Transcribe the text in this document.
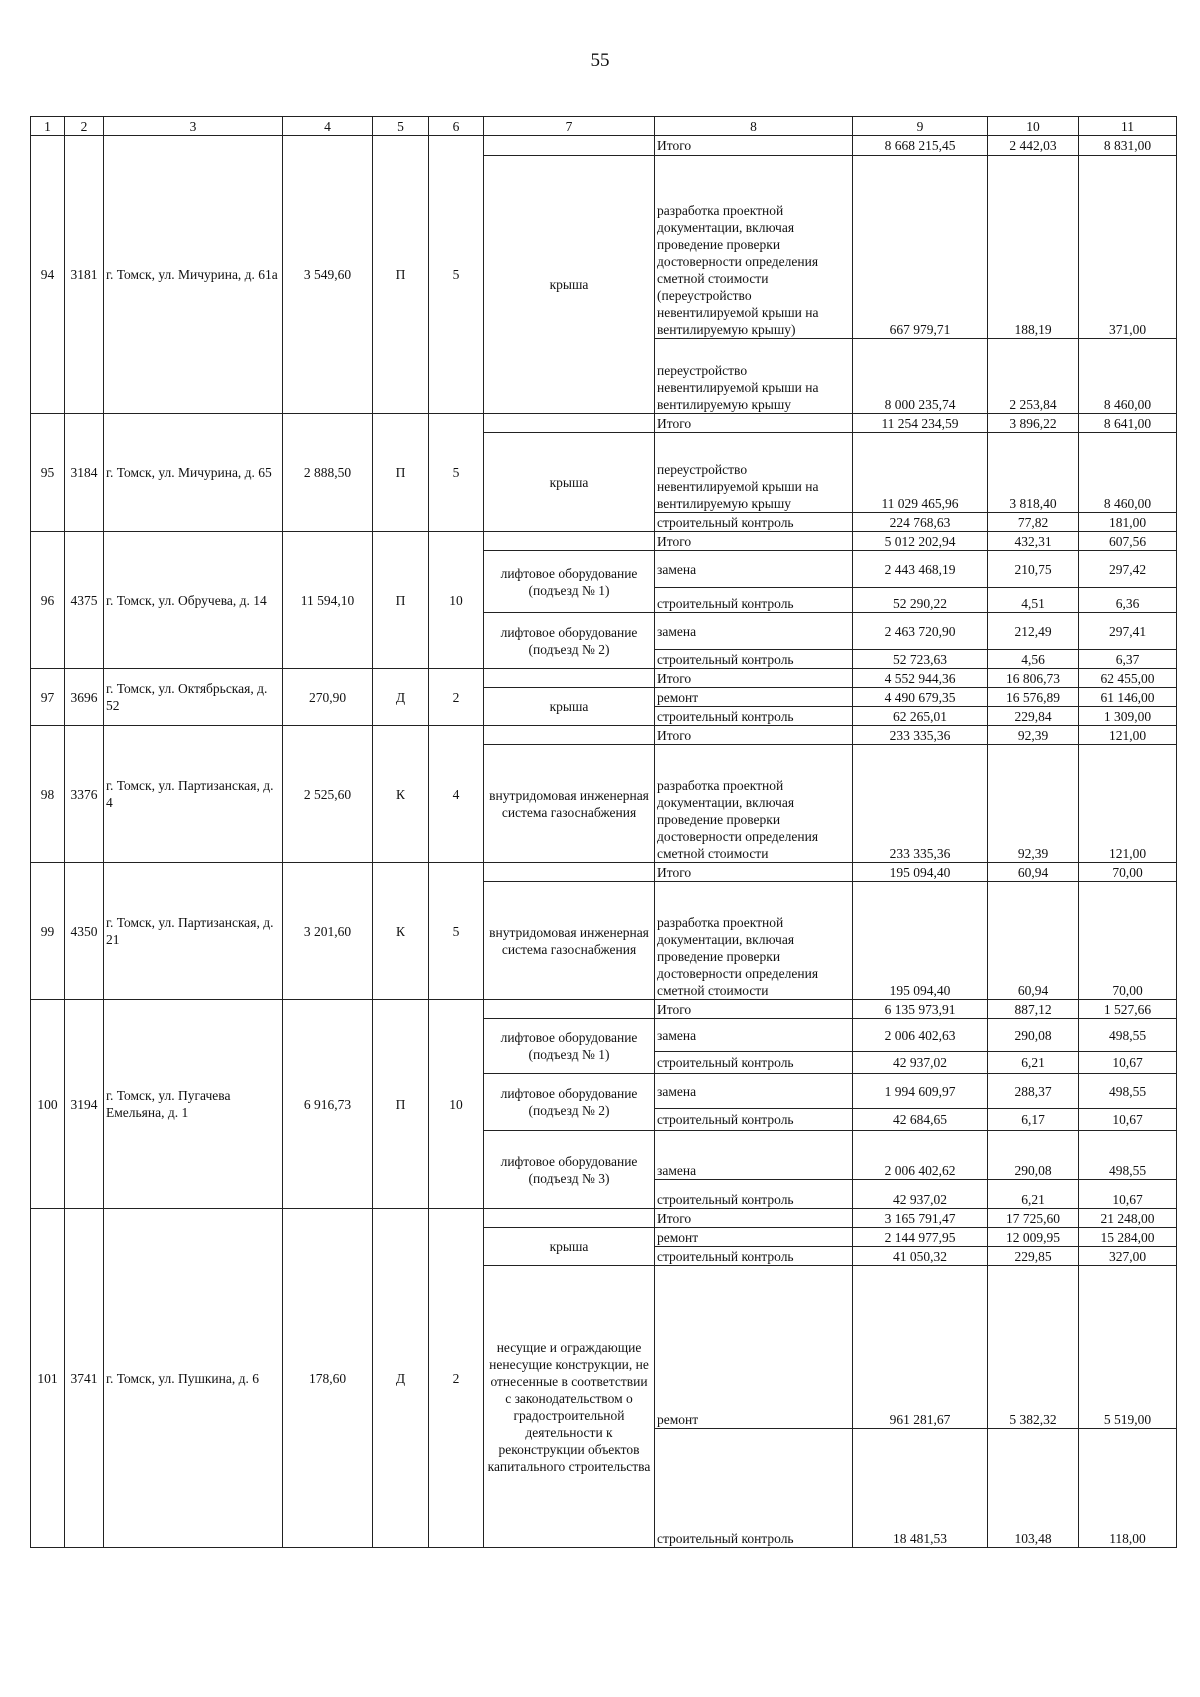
55
1	2	3	4	5	6	7	8	9	10	11
94	3181	г. Томск, ул. Мичурина, д. 61а	3 549,60	П	5		Итого	8 668 215,45	2 442,03	8 831,00
						крыша	разработка проектной документации, включая проведение проверки достоверности определения сметной стоимости (переустройство невентилируемой крыши на вентилируемую крышу)	667 979,71	188,19	371,00
							переустройство невентилируемой крыши на вентилируемую крышу	8 000 235,74	2 253,84	8 460,00

95	3184	г. Томск, ул. Мичурина, д. 65	2 888,50	П	5		Итого	11 254 234,59	3 896,22	8 641,00
						крыша	переустройство невентилируемой крыши на вентилируемую крышу	11 029 465,96	3 818,40	8 460,00
							строительный контроль	224 768,63	77,82	181,00
96	4375	г. Томск, ул. Обручева, д. 14	11 594,10	П	10		Итого	5 012 202,94	432,31	607,56
						лифтовое оборудование (подъезд № 1)	замена	2 443 468,19	210,75	297,42
							строительный контроль	52 290,22	4,51	6,36
						лифтовое оборудование (подъезд № 2)	замена	2 463 720,90	212,49	297,41
							строительный контроль	52 723,63	4,56	6,37
97	3696	г. Томск, ул. Октябрьская, д. 52	270,90	Д	2		Итого	4 552 944,36	16 806,73	62 455,00
						крыша	ремонт	4 490 679,35	16 576,89	61 146,00
							строительный контроль	62 265,01	229,84	1 309,00
98	3376	г. Томск, ул. Партизанская, д. 4	2 525,60	К	4		Итого	233 335,36	92,39	121,00
						внутридомовая инженерная система газоснабжения	разработка проектной документации, включая проведение проверки достоверности определения сметной стоимости	233 335,36	92,39	121,00
99	4350	г. Томск, ул. Партизанская, д. 21	3 201,60	К	5		Итого	195 094,40	60,94	70,00
						внутридомовая инженерная система газоснабжения	разработка проектной документации, включая проведение проверки достоверности определения сметной стоимости	195 094,40	60,94	70,00
100	3194	г. Томск, ул. Пугачева Емельяна, д. 1	6 916,73	П	10		Итого	6 135 973,91	887,12	1 527,66
						лифтовое оборудование (подъезд № 1)	замена	2 006 402,63	290,08	498,55
							строительный контроль	42 937,02	6,21	10,67
						лифтовое оборудование (подъезд № 2)	замена	1 994 609,97	288,37	498,55
							строительный контроль	42 684,65	6,17	10,67
						лифтовое оборудование (подъезд № 3)	замена	2 006 402,62	290,08	498,55
							строительный контроль	42 937,02	6,21	10,67
101	3741	г. Томск, ул. Пушкина, д. 6	178,60	Д	2		Итого	3 165 791,47	17 725,60	21 248,00
						крыша	ремонт	2 144 977,95	12 009,95	15 284,00
							строительный контроль	41 050,32	229,85	327,00
						несущие и ограждающие ненесущие конструкции, не отнесенные в соответствии с законодательством о градостроительной деятельности к реконструкции объектов капитального строительства	ремонт	961 281,67	5 382,32	5 519,00
							строительный контроль	18 481,53	103,48	118,00
